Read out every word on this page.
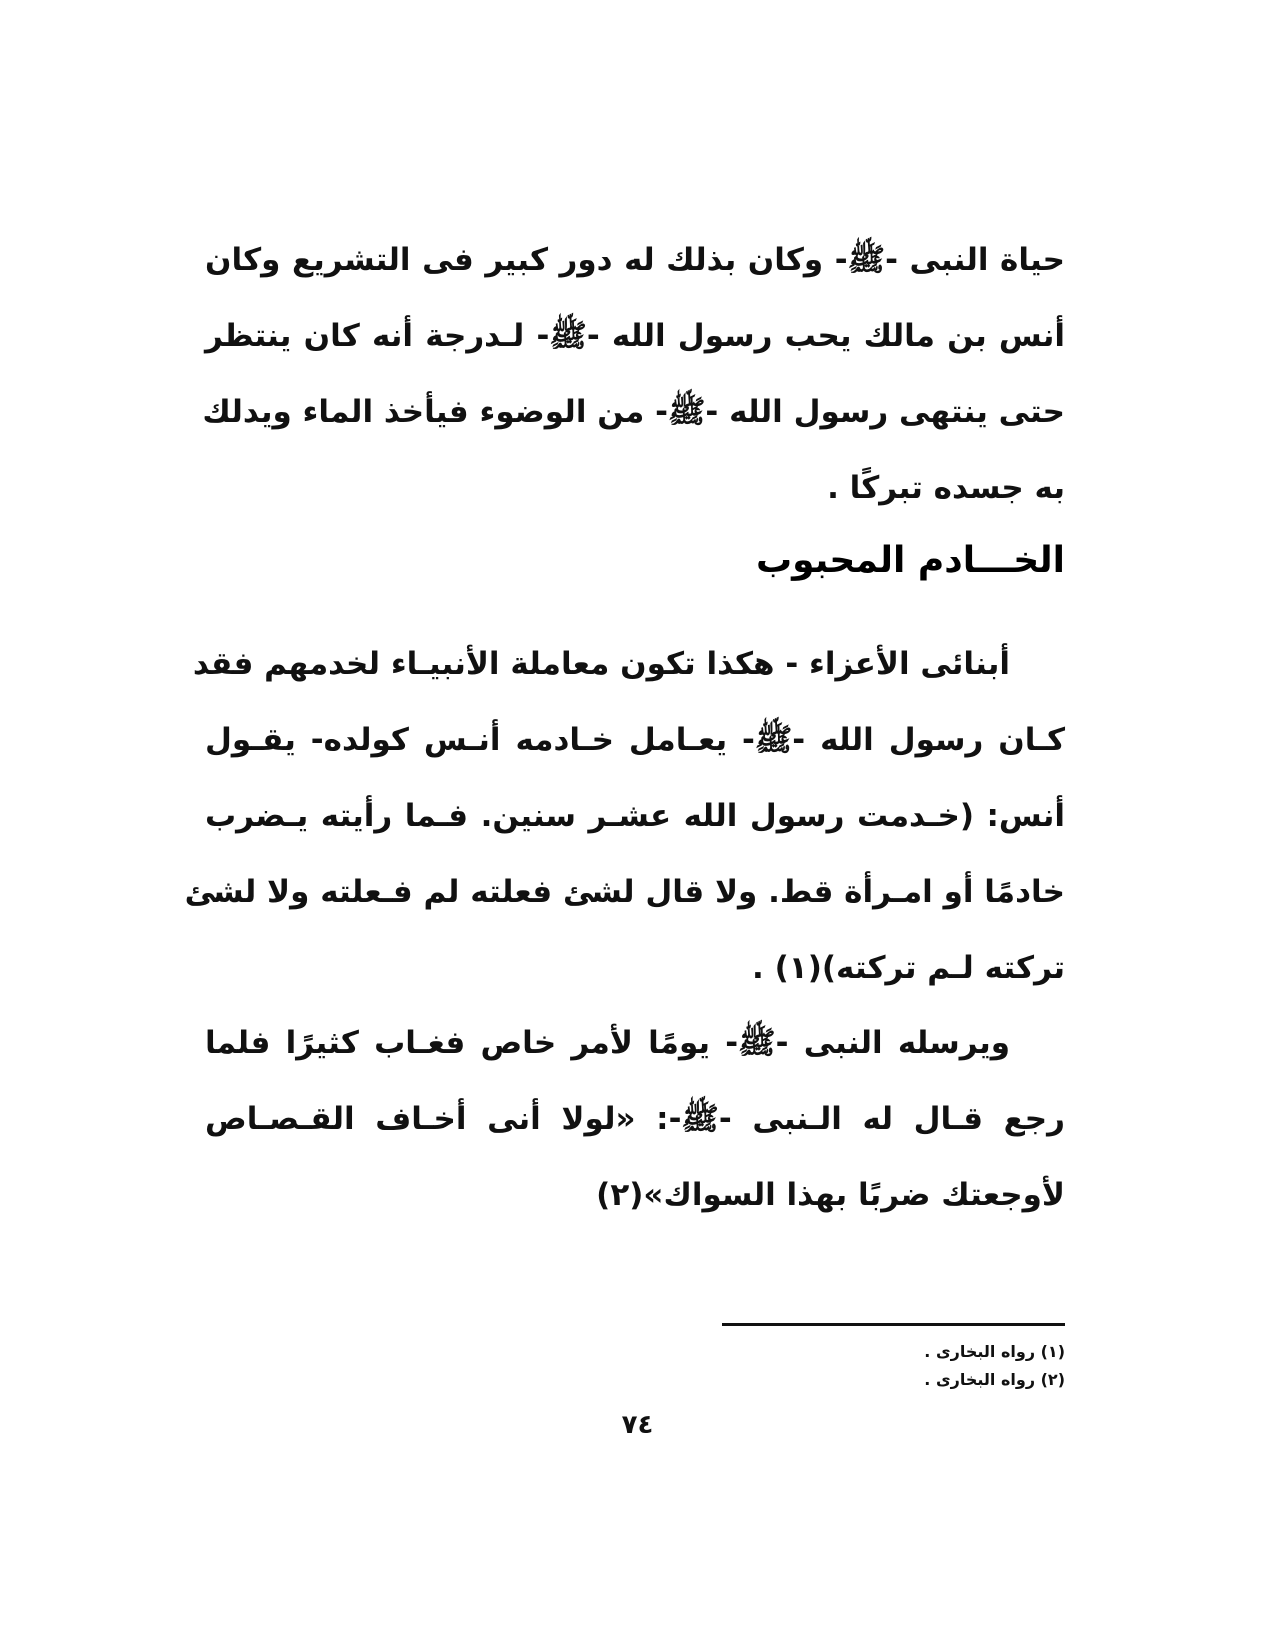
حياة النبى -ﷺ- وكان بذلك له دور كبير فى التشريع وكان
أنس بن مالك يحب رسول الله -ﷺ- لـدرجة أنه كان ينتظر
حتى ينتهى رسول الله -ﷺ- من الوضوء فيأخذ الماء ويدلك
به جسده تبركًا .
الخـــادم المحبوب
أبنائى الأعزاء - هكذا تكون معاملة الأنبيـاء لخدمهم فقد
كـان رسول الله -ﷺ- يعـامل خـادمه أنـس كولده- يقـول
أنس: (خـدمت رسول الله عشـر سنين. فـما رأيته يـضرب
خادمًا أو امـرأة قط. ولا قال لشئ فعلته لم فـعلته ولا لشئ
تركته لـم تركته)(١) .
ويرسله النبى -ﷺ- يومًا لأمر خاص فغـاب كثيرًا فلما
رجع قـال له الـنبى -ﷺ-: «لولا أنى أخـاف القـصـاص
لأوجعتك ضربًا بهذا السواك»(٢)
(١) رواه البخارى .
(٢) رواه البخارى .
٧٤
